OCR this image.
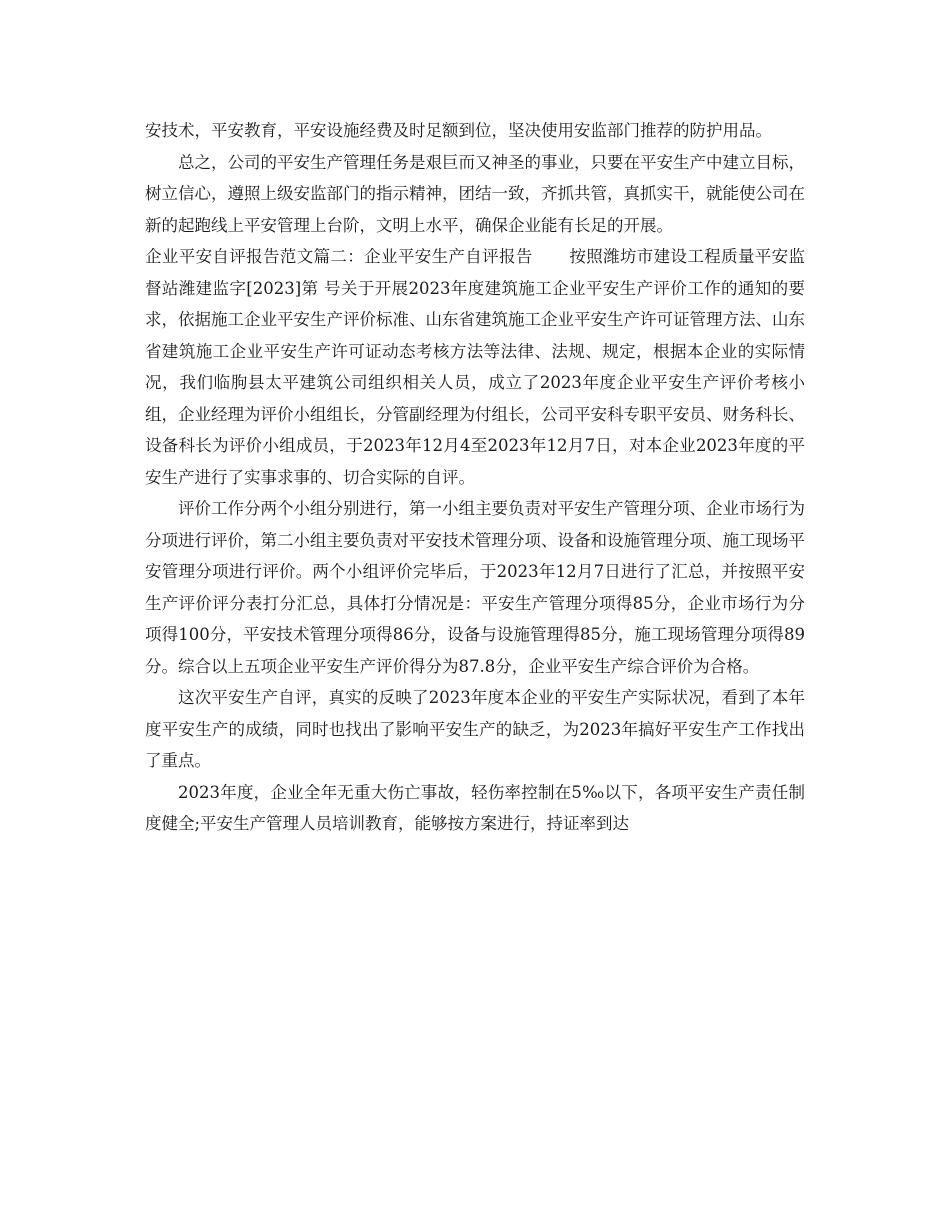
安技术，平安教育，平安设施经费及时足额到位，坚决使用安监部门推荐的防护用品。

总之，公司的平安生产管理任务是艰巨而又神圣的事业，只要在平安生产中建立目标，树立信心，遵照上级安监部门的指示精神，团结一致，齐抓共管，真抓实干，就能使公司在新的起跑线上平安管理上台阶，文明上水平，确保企业能有长足的开展。

企业平安自评报告范文篇二：企业平安生产自评报告 按照潍坊市建设工程质量平安监督站潍建监字[2023]第 号关于开展2023年度建筑施工企业平安生产评价工作的通知的要求，依据施工企业平安生产评价标准、山东省建筑施工企业平安生产许可证管理方法、山东省建筑施工企业平安生产许可证动态考核方法等法律、法规、规定，根据本企业的实际情况，我们临朐县太平建筑公司组织相关人员，成立了2023年度企业平安生产评价考核小组，企业经理为评价小组组长，分管副经理为付组长，公司平安科专职平安员、财务科长、设备科长为评价小组成员，于2023年12月4至2023年12月7日，对本企业2023年度的平安生产进行了实事求事的、切合实际的自评。

评价工作分两个小组分别进行，第一小组主要负责对平安生产管理分项、企业市场行为分项进行评价，第二小组主要负责对平安技术管理分项、设备和设施管理分项、施工现场平安管理分项进行评价。两个小组评价完毕后，于2023年12月7日进行了汇总，并按照平安生产评价评分表打分汇总，具体打分情况是：平安生产管理分项得85分，企业市场行为分项得100分，平安技术管理分项得86分，设备与设施管理得85分，施工现场管理分项得89分。综合以上五项企业平安生产评价得分为87.8分，企业平安生产综合评价为合格。

这次平安生产自评，真实的反映了2023年度本企业的平安生产实际状况，看到了本年度平安生产的成绩，同时也找出了影响平安生产的缺乏，为2023年搞好平安生产工作找出了重点。

2023年度，企业全年无重大伤亡事故，轻伤率控制在5‰以下，各项平安生产责任制度健全;平安生产管理人员培训教育，能够按方案进行，持证率到达
